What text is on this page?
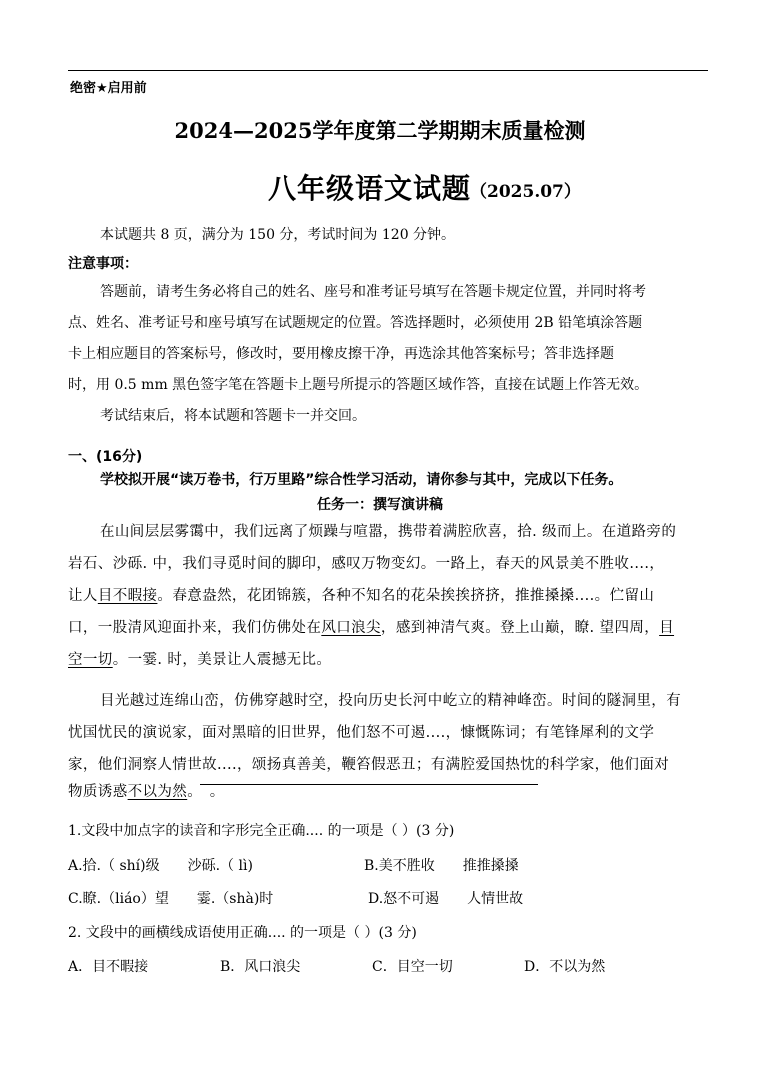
绝密★启用前
2024—2025学年度第二学期期末质量检测
八年级语文试题
（2025.07）
本试题共 8 页，满分为 150 分，考试时间为 120 分钟。
注意事项：
答题前，请考生务必将自己的姓名、座号和准考证号填写在答题卡规定位置，并同时将考
点、姓名、准考证号和座号填写在试题规定的位置。答选择题时，必须使用 2B 铅笔填涂答题
卡上相应题目的答案标号，修改时，要用橡皮擦干净，再选涂其他答案标号；答非选择题
时，用 0.5 mm 黑色签字笔在答题卡上题号所提示的答题区域作答，直接在试题上作答无效。
考试结束后，将本试题和答题卡一并交回。
一、(16分)
学校拟开展“读万卷书，行万里路”综合性学习活动，请你参与其中，完成以下任务。
任务一：撰写演讲稿
在山间层层雾霭中，我们远离了烦躁与喧嚣，携带着满腔欣喜，拾. 级而上。在道路旁的
岩石、沙砾. 中，我们寻觅时间的脚印，感叹万物变幻。一路上，春天的风景美不胜收....，
让人目不暇接。春意盎然，花团锦簇，各种不知名的花朵挨挨挤挤，推推搡搡....。伫留山
口，一股清风迎面扑来，我们仿佛处在风口浪尖，感到神清气爽。登上山巅，瞭. 望四周，目
空一切。一霎. 时，美景让人震撼无比。
目光越过连绵山峦，仿佛穿越时空，投向历史长河中屹立的精神峰峦。时间的隧洞里，有
忧国忧民的演说家，面对黑暗的旧世界，他们怒不可遏....，慷慨陈词；有笔锋犀利的文学
家，他们洞察人情世故....，颂扬真善美，鞭笞假恶丑；有满腔爱国热忱的科学家，他们面对
物质诱惑不以为然。　。
1.文段中加点字的读音和字形完全正确.... 的一项是（ ）(3 分)
A.拾.（ shí)级　　沙砾.（ lì)	B.美不胜收　　推推搡搡
C.瞭.（liáo）望　　霎.（shà)时	D.怒不可遏　　人情世故
2. 文段中的画横线成语使用正确.... 的一项是（ ）(3 分)
A．目不暇接	B．风口浪尖	C．目空一切	D．不以为然
